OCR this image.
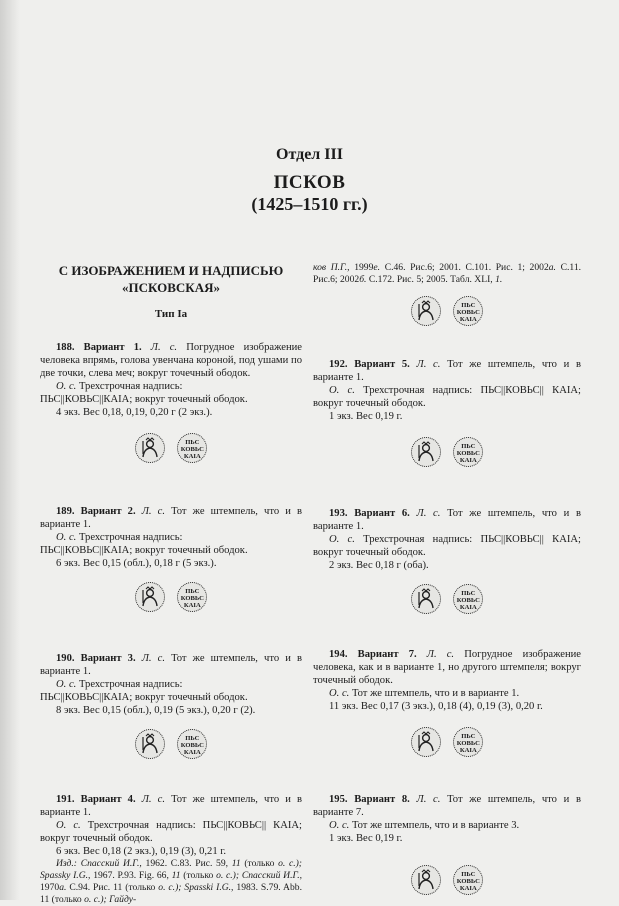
Отдел III
ПСКОВ
(1425–1510 гг.)

С ИЗОБРАЖЕНИЕМ И НАДПИСЬЮ

«ПСКОВСКАЯ»

Тип Iа

188. Вариант 1. Л. с. Погрудное изображение человека впрямь, голова увенчана короной, под ушами по две точки, слева меч; вокруг точечный ободок.

О. с. Трехстрочная надпись:

ПЬС||КОВЬС||КАIА; вокруг точечный ободок.

4 экз. Вес 0,18, 0,19, 0,20 г (2 экз.).

ПЬС
КОВЬС
КАIА

189. Вариант 2. Л. с. Тот же штемпель, что и в варианте 1.

О. с. Трехстрочная надпись:

ПЬС||КОВЬС||КАIА; вокруг точечный ободок.

6 экз. Вес 0,15 (обл.), 0,18 г (5 экз.).

ПЬС
КОВЬС
КАIА

190. Вариант 3. Л. с. Тот же штемпель, что и в варианте 1.

О. с. Трехстрочная надпись:

ПЬС||КОВЬС||КАIА; вокруг точечный ободок.

8 экз. Вес 0,15 (обл.), 0,19 (5 экз.), 0,20 г (2).

ПЬС
КОВЬС
КАIА

191. Вариант 4. Л. с. Тот же штемпель, что и в варианте 1.

О. с. Трехстрочная надпись: ПЬС||КОВЬС|| КАIА; вокруг точечный ободок.

6 экз. Вес 0,18 (2 экз.), 0,19 (3), 0,21 г.

Изд.: Спасский И.Г., 1962. С.83. Рис. 59, 11 (только о. с.); Spassky I.G., 1967. P.93. Fig. 66, 11 (только о. с.); Спасский И.Г., 1970а. С.94. Рис. 11 (только о. с.); Spasski I.G., 1983. S.79. Abb. 11 (только о. с.); Гайду-

ков П.Г., 1999е. С.46. Рис.6; 2001. С.101. Рис. 1; 2002а. С.11. Рис.6; 2002б. С.172. Рис. 5; 2005. Табл. XLI, 1.

ПЬС
КОВЬС
КАIА

192. Вариант 5. Л. с. Тот же штемпель, что и в варианте 1.

О. с. Трехстрочная надпись: ПЬС||КОВЬС|| КАIА; вокруг точечный ободок.

1 экз. Вес 0,19 г.

ПЬС
КОВЬС
КАIА

193. Вариант 6. Л. с. Тот же штемпель, что и в варианте 1.

О. с. Трехстрочная надпись: ПЬС||КОВЬС|| КАIА; вокруг точечный ободок.

2 экз. Вес 0,18 г (оба).

ПЬС
КОВЬС
КАIА

194. Вариант 7. Л. с. Погрудное изображение человека, как и в варианте 1, но другого штемпеля; вокруг точечный ободок.

О. с. Тот же штемпель, что и в варианте 1.

11 экз. Вес 0,17 (3 экз.), 0,18 (4), 0,19 (3), 0,20 г.

ПЬС
КОВЬС
КАIА

195. Вариант 8. Л. с. Тот же штемпель, что и в варианте 7.

О. с. Тот же штемпель, что и в варианте 3.

1 экз. Вес 0,19 г.

ПЬС
КОВЬС
КАIА
